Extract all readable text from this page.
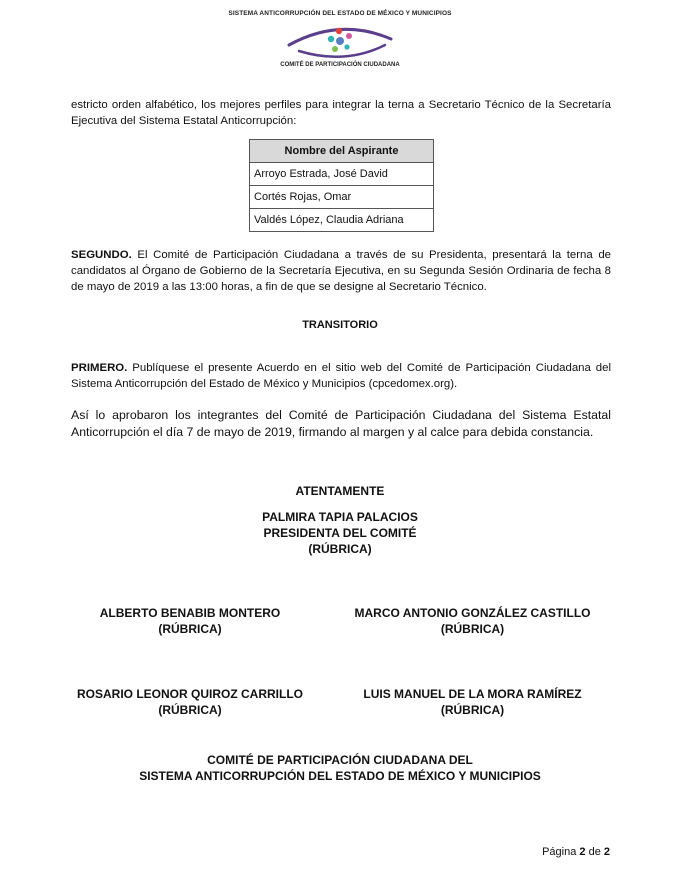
SISTEMA ANTICORRUPCIÓN DEL ESTADO DE MÉXICO Y MUNICIPIOS
COMITÉ DE PARTICIPACIÓN CIUDADANA
estricto orden alfabético, los mejores perfiles para integrar la terna a Secretario Técnico de la Secretaría Ejecutiva del Sistema Estatal Anticorrupción:
Nombre del Aspirante
Arroyo Estrada, José David
Cortés Rojas, Omar
Valdés López, Claudia Adriana
SEGUNDO. El Comité de Participación Ciudadana a través de su Presidenta, presentará la terna de candidatos al Órgano de Gobierno de la Secretaría Ejecutiva, en su Segunda Sesión Ordinaria de fecha 8 de mayo de 2019 a las 13:00 horas, a fin de que se designe al Secretario Técnico.
TRANSITORIO
PRIMERO. Publíquese el presente Acuerdo en el sitio web del Comité de Participación Ciudadana del Sistema Anticorrupción del Estado de México y Municipios (cpcedomex.org).
Así lo aprobaron los integrantes del Comité de Participación Ciudadana del Sistema Estatal Anticorrupción el día 7 de mayo de 2019, firmando al margen y al calce para debida constancia.
ATENTAMENTE
PALMIRA TAPIA PALACIOS
PRESIDENTA DEL COMITÉ
(RÚBRICA)
ALBERTO BENABIB MONTERO
(RÚBRICA)
MARCO ANTONIO GONZÁLEZ CASTILLO
(RÚBRICA)
ROSARIO LEONOR QUIROZ CARRILLO
(RÚBRICA)
LUIS MANUEL DE LA MORA RAMÍREZ
(RÚBRICA)
COMITÉ DE PARTICIPACIÓN CIUDADANA DEL
SISTEMA ANTICORRUPCIÓN DEL ESTADO DE MÉXICO Y MUNICIPIOS
Página 2 de 2
